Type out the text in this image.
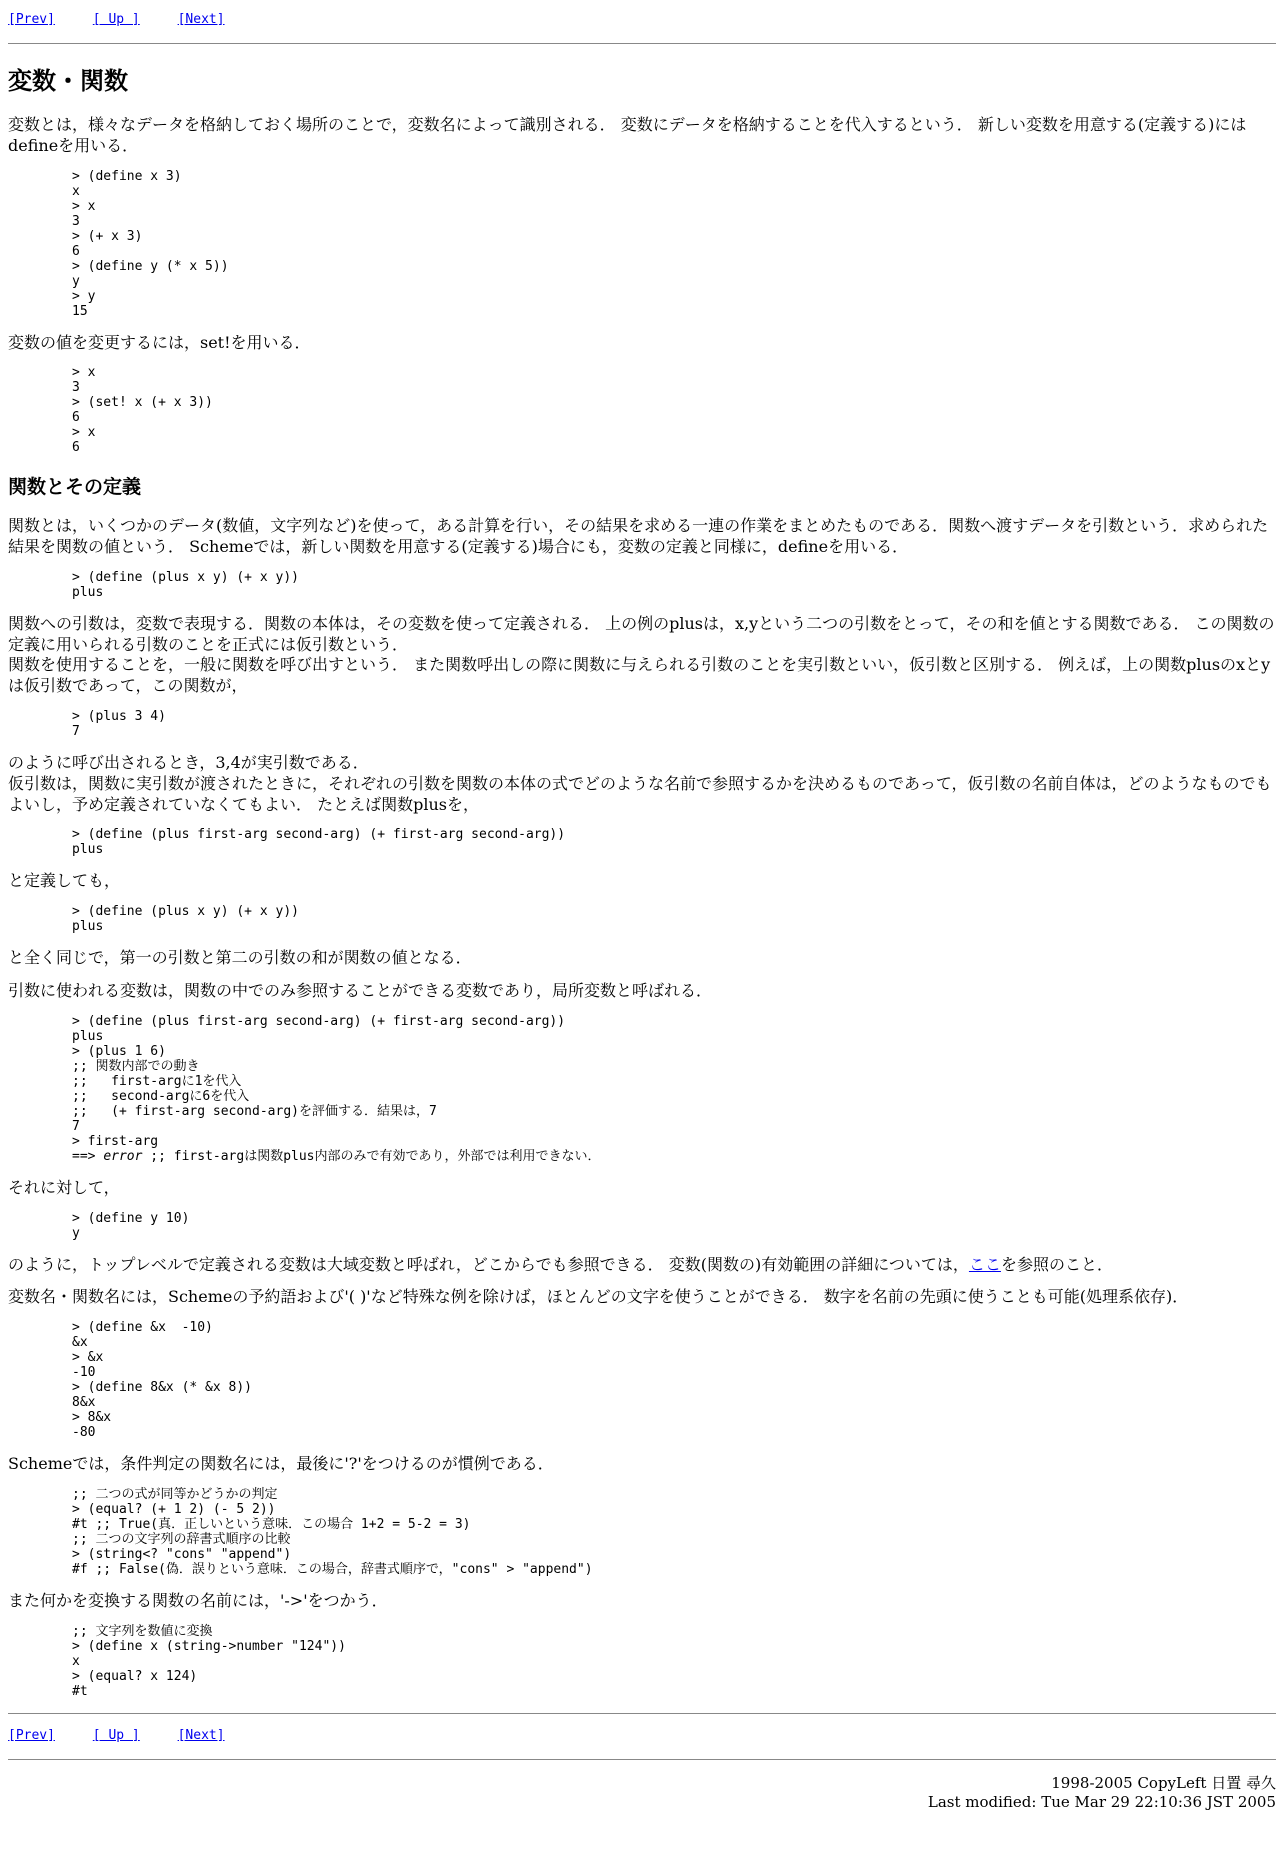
[Prev]	[ Up ]	[Next]
変数・関数

変数とは，様々なデータを格納しておく場所のことで，変数名によって識別される． 変数にデータを格納することを代入するという． 新しい変数を用意する(定義する)にはdefineを用いる．

> (define x 3)
x
> x
3
> (+ x 3)
6
> (define y (* x 5))
y
> y
15

変数の値を変更するには，set!を用いる．

> x
3
> (set! x (+ x 3))
6
> x
6
関数とその定義

関数とは，いくつかのデータ(数値，文字列など)を使って，ある計算を行い，その結果を求める一連の作業をまとめたものである．関数へ渡すデータを引数という．求められた結果を関数の値という． Schemeでは，新しい関数を用意する(定義する)場合にも，変数の定義と同様に，defineを用いる．

> (define (plus x y) (+ x y))
plus

関数への引数は，変数で表現する．関数の本体は，その変数を使って定義される． 上の例のplusは，x,yという二つの引数をとって，その和を値とする関数である． この関数の定義に用いられる引数のことを正式には仮引数という．
関数を使用することを，一般に関数を呼び出すという． また関数呼出しの際に関数に与えられる引数のことを実引数といい，仮引数と区別する． 例えば，上の関数plusのxとyは仮引数であって，この関数が，

> (plus 3 4)
7

のように呼び出されるとき，3,4が実引数である．
仮引数は，関数に実引数が渡されたときに，それぞれの引数を関数の本体の式でどのような名前で参照するかを決めるものであって，仮引数の名前自体は，どのようなものでもよいし，予め定義されていなくてもよい． たとえば関数plusを，

> (define (plus first-arg second-arg) (+ first-arg second-arg))
plus

と定義しても，

> (define (plus x y) (+ x y))
plus

と全く同じで，第一の引数と第二の引数の和が関数の値となる．

引数に使われる変数は，関数の中でのみ参照することができる変数であり，局所変数と呼ばれる．

> (define (plus first-arg second-arg) (+ first-arg second-arg))
plus
> (plus 1 6)
;; 関数内部での動き
;;   first-argに1を代入
;;   second-argに6を代入
;;   (+ first-arg second-arg)を評価する．結果は，7
7
> first-arg
==> error ;; first-argは関数plus内部のみで有効であり，外部では利用できない．

それに対して，

> (define y 10)
y

のように，トップレベルで定義される変数は大域変数と呼ばれ，どこからでも参照できる． 変数(関数の)有効範囲の詳細については，ここを参照のこと．

変数名・関数名には，Schemeの予約語および'( )'など特殊な例を除けば，ほとんどの文字を使うことができる． 数字を名前の先頭に使うことも可能(処理系依存)．

> (define &x  -10)
&x
> &x
-10
> (define 8&x (* &x 8))
8&x
> 8&x
-80

Schemeでは，条件判定の関数名には，最後に'?'をつけるのが慣例である．

;; 二つの式が同等かどうかの判定
> (equal? (+ 1 2) (- 5 2))
#t ;; True(真．正しいという意味．この場合 1+2 = 5-2 = 3)
;; 二つの文字列の辞書式順序の比較
> (string<? "cons" "append")
#f ;; False(偽．誤りという意味．この場合，辞書式順序で，"cons" > "append")

また何かを変換する関数の名前には，'->'をつかう．

;; 文字列を数値に変換
> (define x (string->number "124"))
x
> (equal? x 124)
#t
[Prev]	[ Up ]	[Next]
1998-2005 CopyLeft 日置 尋久
Last modified: Tue Mar 29 22:10:36 JST 2005
